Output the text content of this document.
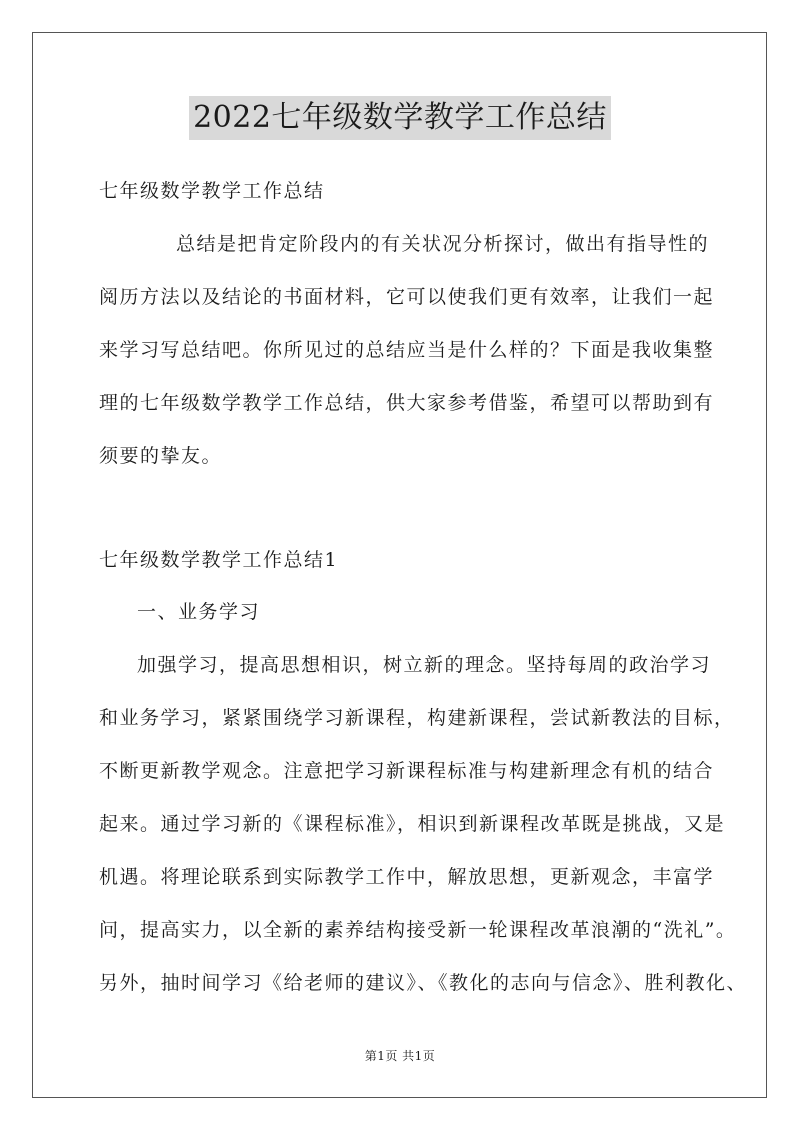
2022七年级数学教学工作总结
七年级数学教学工作总结
总结是把肯定阶段内的有关状况分析探讨，做出有指导性的
阅历方法以及结论的书面材料，它可以使我们更有效率，让我们一起
来学习写总结吧。你所见过的总结应当是什么样的？下面是我收集整
理的七年级数学教学工作总结，供大家参考借鉴，希望可以帮助到有
须要的挚友。
七年级数学教学工作总结1
一、业务学习
加强学习，提高思想相识，树立新的理念。坚持每周的政治学习
和业务学习，紧紧围绕学习新课程，构建新课程，尝试新教法的目标，
不断更新教学观念。注意把学习新课程标准与构建新理念有机的结合
起来。通过学习新的《课程标准》，相识到新课程改革既是挑战，又是
机遇。将理论联系到实际教学工作中，解放思想，更新观念，丰富学
问，提高实力，以全新的素养结构接受新一轮课程改革浪潮的“洗礼”。
另外，抽时间学习《给老师的建议》、《教化的志向与信念》、胜利教化、
第1页 共1页
